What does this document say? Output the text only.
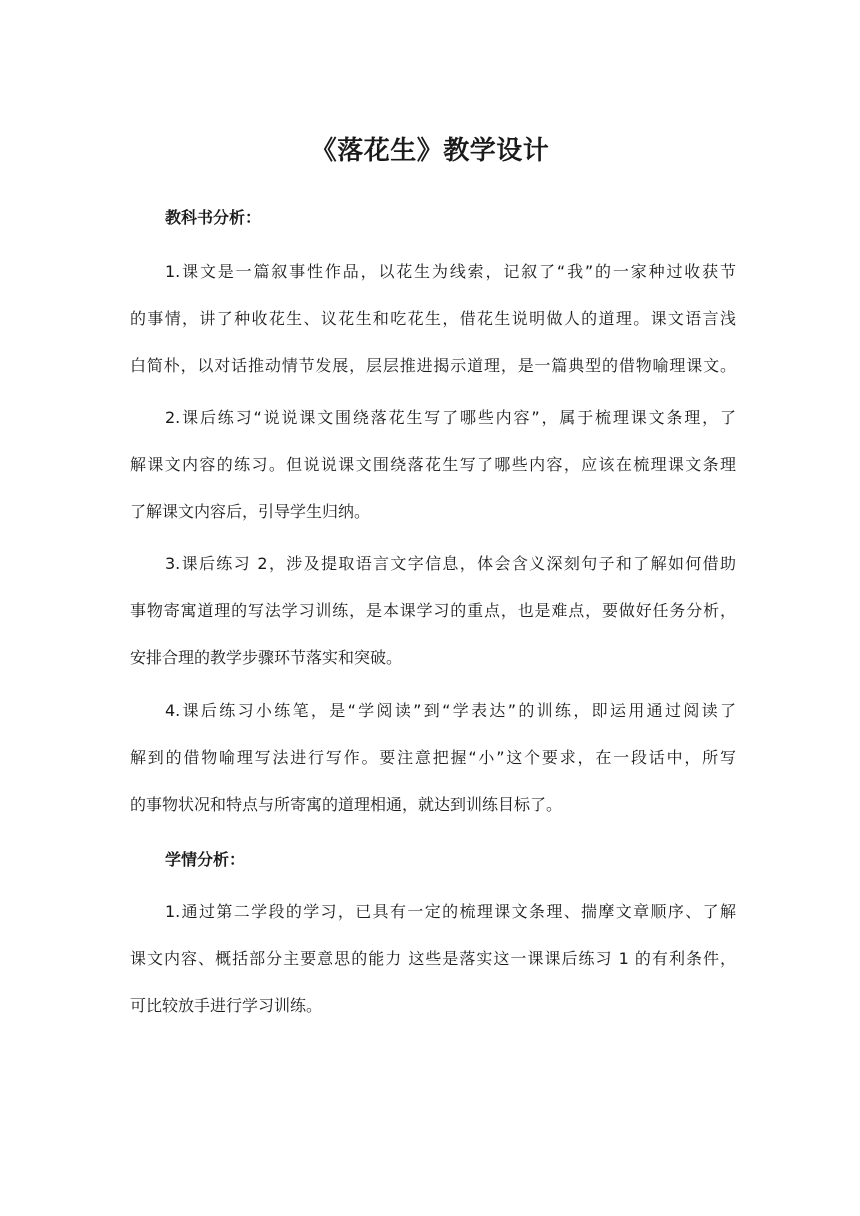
《落花生》教学设计
教科书分析：
1.课文是一篇叙事性作品，以花生为线索，记叙了“我”的一家种过收获节
的事情，讲了种收花生、议花生和吃花生，借花生说明做人的道理。课文语言浅
白简朴，以对话推动情节发展，层层推进揭示道理，是一篇典型的借物喻理课文。
2.课后练习“说说课文围绕落花生写了哪些内容”，属于梳理课文条理，了
解课文内容的练习。但说说课文围绕落花生写了哪些内容，应该在梳理课文条理
了解课文内容后，引导学生归纳。
3.课后练习 2，涉及提取语言文字信息，体会含义深刻句子和了解如何借助
事物寄寓道理的写法学习训练，是本课学习的重点，也是难点，要做好任务分析，
安排合理的教学步骤环节落实和突破。
4.课后练习小练笔，是“学阅读”到“学表达”的训练，即运用通过阅读了
解到的借物喻理写法进行写作。要注意把握“小”这个要求，在一段话中，所写
的事物状况和特点与所寄寓的道理相通，就达到训练目标了。
学情分析：
1.通过第二学段的学习，已具有一定的梳理课文条理、揣摩文章顺序、了解
课文内容、概括部分主要意思的能力 这些是落实这一课课后练习 1 的有利条件，
可比较放手进行学习训练。
